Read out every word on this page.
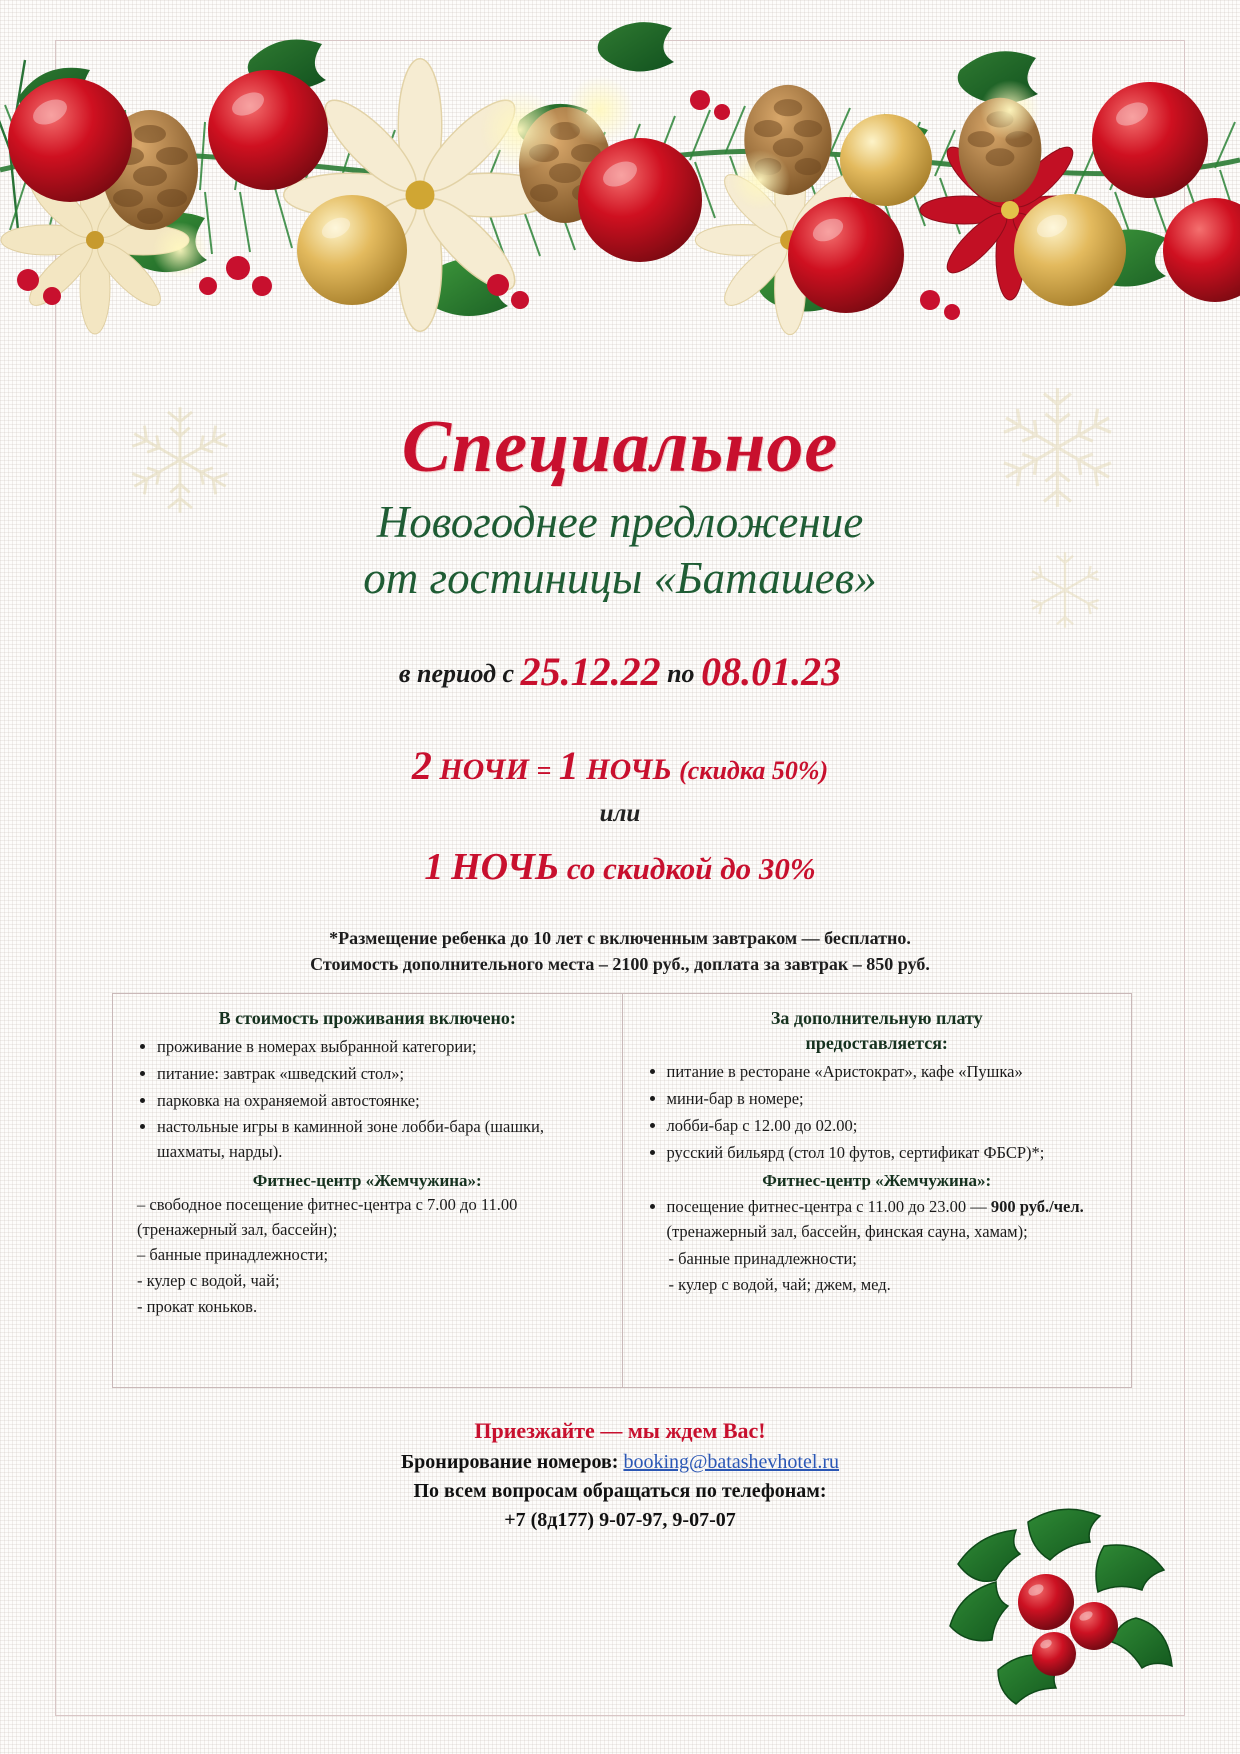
Специальное
Новогоднее предложение
от гостиницы «Баташев»
в период с 25.12.22 по 08.01.23
2 НОЧИ = 1 НОЧЬ (скидка 50%)
или
1 НОЧЬ со скидкой до 30%
*Размещение ребенка до 10 лет с включенным завтраком — бесплатно.
Стоимость дополнительного места – 2100 руб., доплата за завтрак – 850 руб.
В стоимость проживания включено:
• проживание в номерах выбранной категории;
• питание: завтрак «шведский стол»;
• парковка на охраняемой автостоянке;
• настольные игры в каминной зоне лобби-бара (шашки, шахматы, нарды).
Фитнес-центр «Жемчужина»:
– свободное посещение фитнес-центра с 7.00 до 11.00 (тренажерный зал, бассейн);
– банные принадлежности;
- кулер с водой, чай;
- прокат коньков.
За дополнительную плату
предоставляется:
• питание в ресторане «Аристократ», кафе «Пушка»
• мини-бар в номере;
• лобби-бар с 12.00 до 02.00;
• русский бильярд (стол 10 футов, сертификат ФБСР)*;
Фитнес-центр «Жемчужина»:
• посещение фитнес-центра с 11.00 до 23.00 — 900 руб./чел. (тренажерный зал, бассейн, финская сауна, хамам);
- банные принадлежности;
- кулер с водой, чай; джем, мед.
Приезжайте — мы ждем Вас!
Бронирование номеров: booking@batashevhotel.ru
По всем вопросам обращаться по телефонам:
+7 (8д177) 9-07-97, 9-07-07
